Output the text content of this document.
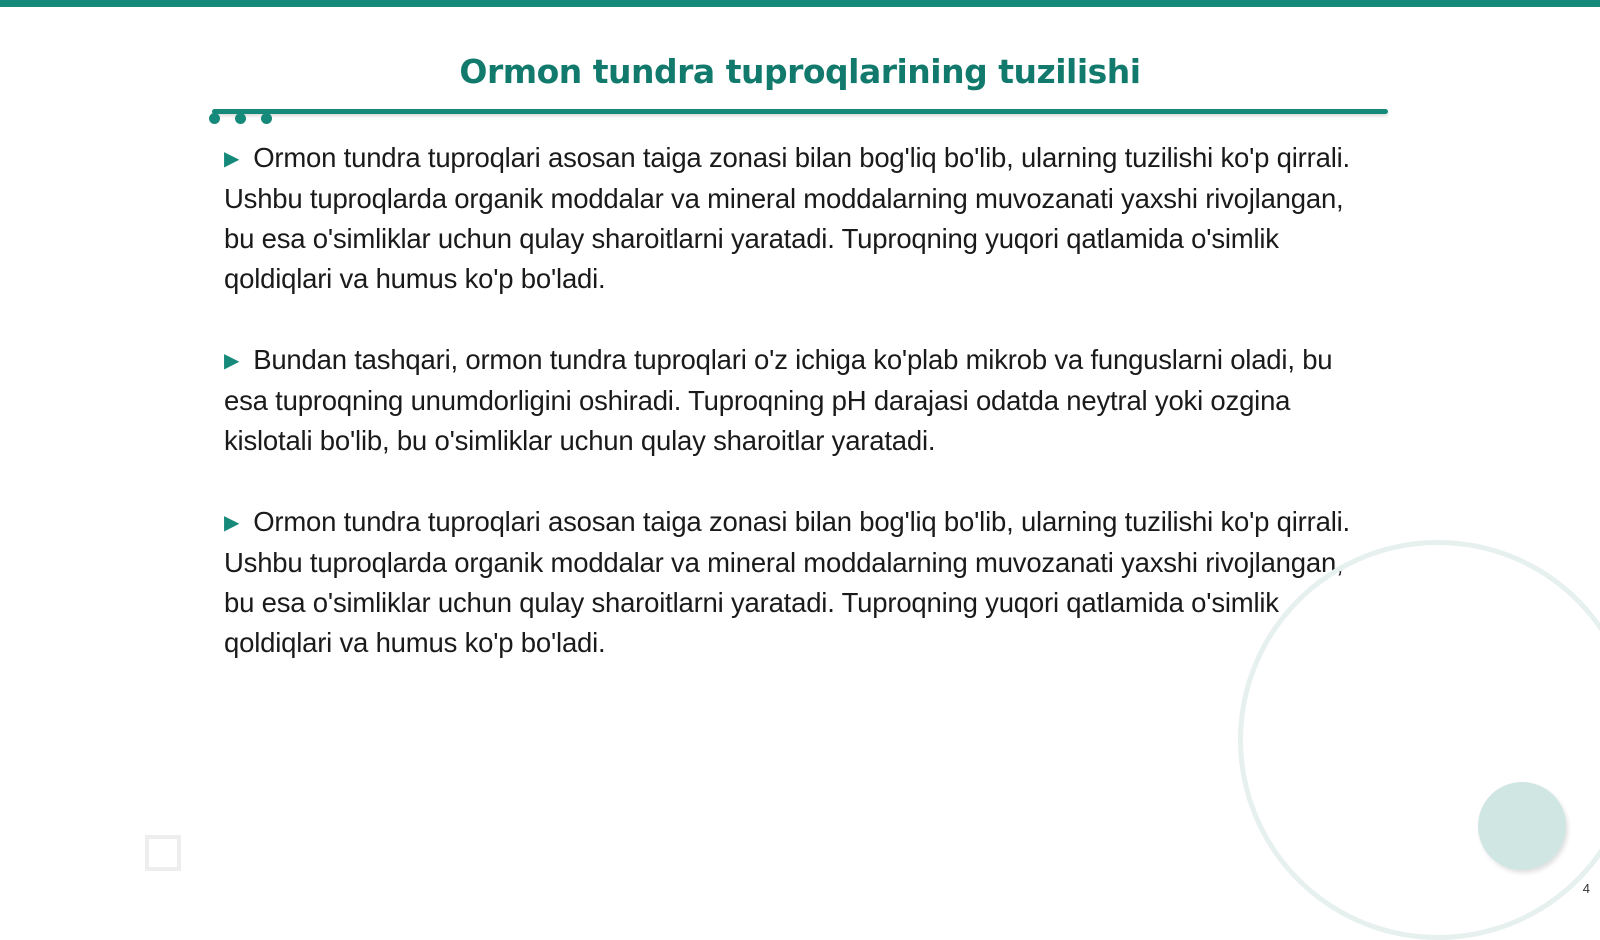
Ormon tundra tuproqlarining tuzilishi

▶ Ormon tundra tuproqlari asosan taiga zonasi bilan bog'liq bo'lib, ularning tuzilishi ko'p qirrali. Ushbu tuproqlarda organik moddalar va mineral moddalarning muvozanati yaxshi rivojlangan, bu esa o'simliklar uchun qulay sharoitlarni yaratadi. Tuproqning yuqori qatlamida o'simlik qoldiqlari va humus ko'p bo'ladi.

▶ Bundan tashqari, ormon tundra tuproqlari o'z ichiga ko'plab mikrob va funguslarni oladi, bu esa tuproqning unumdorligini oshiradi. Tuproqning pH darajasi odatda neytral yoki ozgina kislotali bo'lib, bu o'simliklar uchun qulay sharoitlar yaratadi.

▶ Ormon tundra tuproqlari asosan taiga zonasi bilan bog'liq bo'lib, ularning tuzilishi ko'p qirrali. Ushbu tuproqlarda organik moddalar va mineral moddalarning muvozanati yaxshi rivojlangan, bu esa o'simliklar uchun qulay sharoitlarni yaratadi. Tuproqning yuqori qatlamida o'simlik qoldiqlari va humus ko'p bo'ladi.

4
